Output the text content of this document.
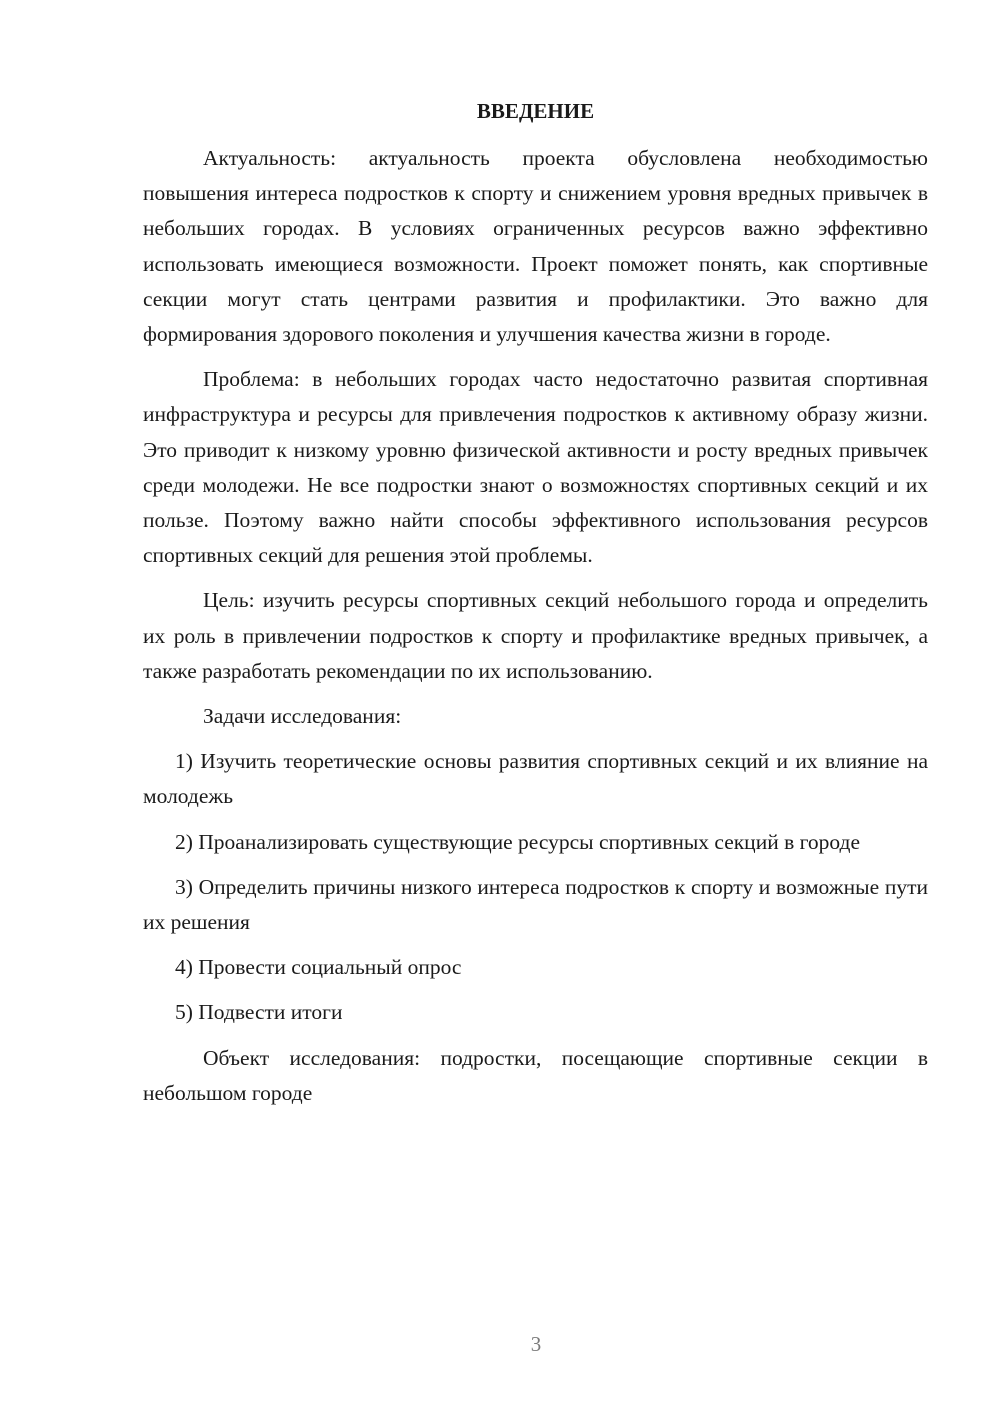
ВВЕДЕНИЕ

Актуальность: актуальность проекта обусловлена необходимостью повышения интереса подростков к спорту и снижением уровня вредных привычек в небольших городах. В условиях ограниченных ресурсов важно эффективно использовать имеющиеся возможности. Проект поможет понять, как спортивные секции могут стать центрами развития и профилактики. Это важно для формирования здорового поколения и улучшения качества жизни в городе.

Проблема: в небольших городах часто недостаточно развитая спортивная инфраструктура и ресурсы для привлечения подростков к активному образу жизни. Это приводит к низкому уровню физической активности и росту вредных привычек среди молодежи. Не все подростки знают о возможностях спортивных секций и их пользе. Поэтому важно найти способы эффективного использования ресурсов спортивных секций для решения этой проблемы.

Цель: изучить ресурсы спортивных секций небольшого города и определить их роль в привлечении подростков к спорту и профилактике вредных привычек, а также разработать рекомендации по их использованию.

Задачи исследования:

1) Изучить теоретические основы развития спортивных секций и их влияние на молодежь

2) Проанализировать существующие ресурсы спортивных секций в городе

3) Определить причины низкого интереса подростков к спорту и возможные пути их решения

4) Провести социальный опрос

5) Подвести итоги

Объект исследования: подростки, посещающие спортивные секции в небольшом городе

3
